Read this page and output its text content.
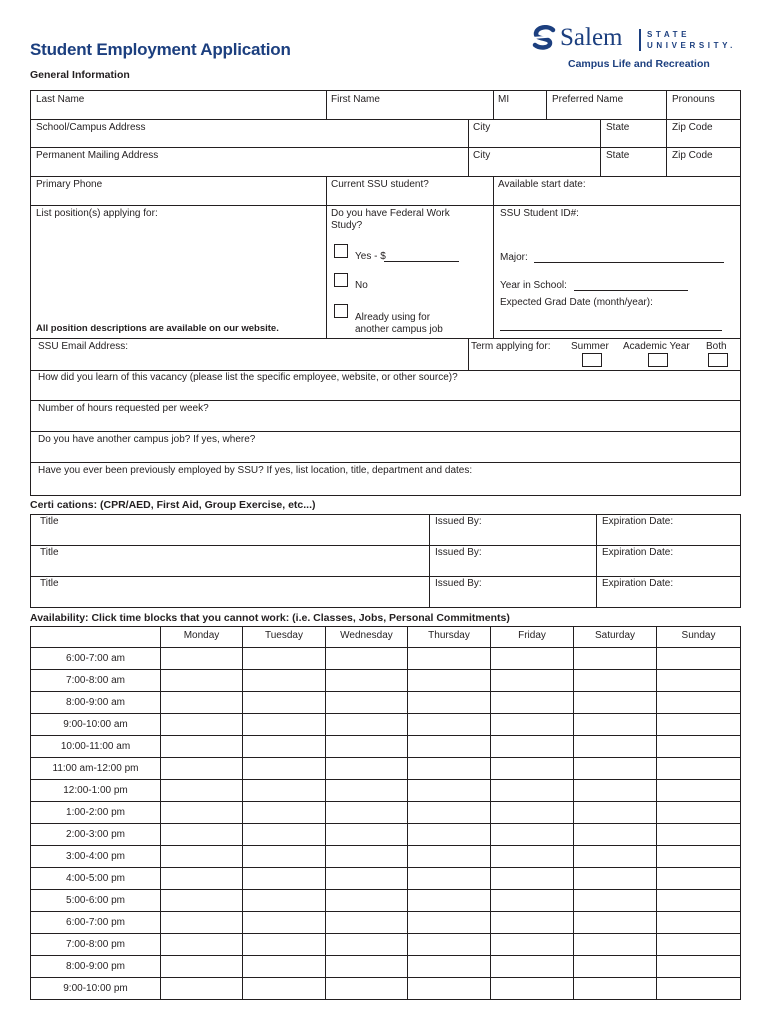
Student Employment Application
General Information
Salem	STATE
UNIVERSITY.
Campus Life and Recreation
Last Name	First Name	MI	Preferred Name	Pronouns
School/Campus Address	City	State	Zip Code
Permanent Mailing Address	City	State	Zip Code
Primary Phone	Current SSU student?	Available start date:
List position(s) applying for:
All position descriptions are available on our website.
Do you have Federal Work Study?
Yes - $
No
Already using for another campus job
SSU Student ID#:
Major:
Year in School:
Expected Grad Date (month/year):
SSU Email Address:	Term applying for: Summer Academic Year Both
How did you learn of this vacancy (please list the specific employee, website, or other source)?
Number of hours requested per week?
Do you have another campus job? If yes, where?
Have you ever been previously employed by SSU? If yes, list location, title, department and dates:
Certi cations: (CPR/AED, First Aid, Group Exercise, etc...)
Title	Issued By:	Expiration Date:
Title	Issued By:	Expiration Date:
Title	Issued By:	Expiration Date:
Availability: Click time blocks that you cannot work: (i.e. Classes, Jobs, Personal Commitments)
	Monday	Tuesday	Wednesday	Thursday	Friday	Saturday	Sunday
6:00-7:00 am							
7:00-8:00 am							
8:00-9:00 am							
9:00-10:00 am							
10:00-11:00 am							
11:00 am-12:00 pm							
12:00-1:00 pm							
1:00-2:00 pm							
2:00-3:00 pm							
3:00-4:00 pm							
4:00-5:00 pm							
5:00-6:00 pm							
6:00-7:00 pm							
7:00-8:00 pm							
8:00-9:00 pm							
9:00-10:00 pm							
